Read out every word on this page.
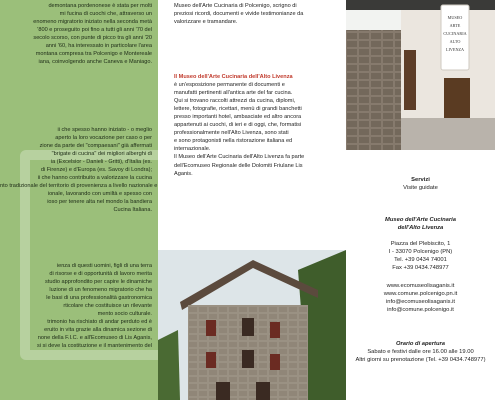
demontana pordenonese è stata per molti
mi fucina di cuochi che, attraverso un
enomeno migratorio iniziato nella seconda metà
'800 e proseguito poi fino a tutti gli anni '70 del
secolo scorso, con punte di picco tra gli anni '20
anni '60, ha interessato in particolare l'area
montana compresa tra Polcenigo e Montereale
iana, coinvolgendo anche Caneva e Maniago.
ii che spesso hanno iniziato - o meglio
aperto la loro vocazione per caso o per
zione da parte dei "compaesani" già affermati
"brigate di cucina" dei migliori alberghi di
ia (Excelsior - Danieli - Gritti), d'Italia (es.
di Firenze) e d'Europa (es. Savoy di Londra);
ii che hanno contribuito a valorizzare la cucina
nto tradizionale del territorio di provenienza a livello nazionale e
ionale, lavorando con umiltà e spesso con
ioso per tenere alta nel mondo la bandiera
Cucina Italiana.
ienza di questi uomini, figli di una terra
di risorse e di opportunità di lavoro merita
studio approfondito per capire le dinamiche
luzione di un fenomeno migratorio che ha
le basi di una professionalità gastronomica
rticolare che costituisce un rilevante
mento socio culturale.
trimonio ha rischiato di andar perduto ed è
eruito in vita grazie alla dinamica sezione di
none della F.I.C. e all'Ecomuseo di Lis Aganis,
si si deve la costituzione e il mantenimento del
Museo dell'Arte Cucinaria di Polcenigo, scrigno di
preziosi ricordi, documenti e vivide testimonianze da
valorizzare e tramandare.
Il Museo dell'Arte Cucinaria dell'Alto Livenza
è un'esposizione permanente di documenti e
manufatti pertinenti all'antica arte del far cucina.
Qui si trovano raccolti attrezzi da cucina, diplomi,
lettere, fotografie, ricettari, menù di grandi banchetti
presso importanti hotel, ambasciate ed altro ancora
appartenuti ai cuochi, di ieri e di oggi, che, formatisi
professionalmente nell'Alto Livenza, sono stati
e sono protagonisti nella ristorazione italiana ed
internazionale.
Il Museo dell'Arte Cucinaria dell'Alto Livenza fa parte
dell'Ecomuseo Regionale delle Dolomiti Friulane Lis
Aganis.
MUSEO
ARTE CUCINARIA
ALTO LIVENZA
Servizi
Visite guidate
Museo dell'Arte Cucinaria
dell'Alto Livenza
Piazza del Plebiscito, 1
I - 33070 Polcenigo (PN)
Tel. +39 0434 74001
Fax +39 0434.748977
www.ecomuseolisaganis.it
www.comune.polcenigo.pn.it
info@ecomuseolisaganis.it
info@comune.polcenigo.it
Orario di apertura
Sabato e festivi dalle ore 16.00 alle 19.00
Altri giorni su prenotazione (Tel. +39 0434.748977)
